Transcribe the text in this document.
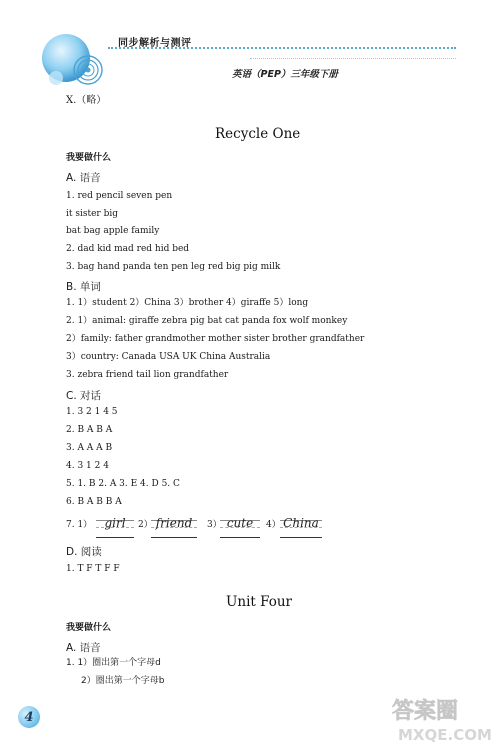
同步解析与测评
英语（PEP）三年级下册
X.（略）
Recycle One
我要做什么
A. 语音
1. red pencil seven pen
it sister big
bat bag apple family
2. dad kid mad red hid bed
3. bag hand panda ten pen leg red big pig milk
B. 单词
1. 1）student 2）China 3）brother 4）giraffe 5）long
2. 1）animal: giraffe zebra pig bat cat panda fox wolf monkey
2）family: father grandmother mother sister brother grandfather
3）country: Canada USA UK China Australia
3. zebra friend tail lion grandfather
C. 对话
1. 3 2 1 4 5
2. B A B A
3. A A A B
4. 3 1 2 4
5. 1. B 2. A 3. E 4. D 5. C
6. B A B B A
7. 1）	girl	2） friend	3） cute	4） China
D. 阅读
1. T F T F F
Unit Four
我要做什么
A. 语音
1. 1）圈出第一个字母d
2）圈出第一个字母b
4	答案圈
MXQE.COM
